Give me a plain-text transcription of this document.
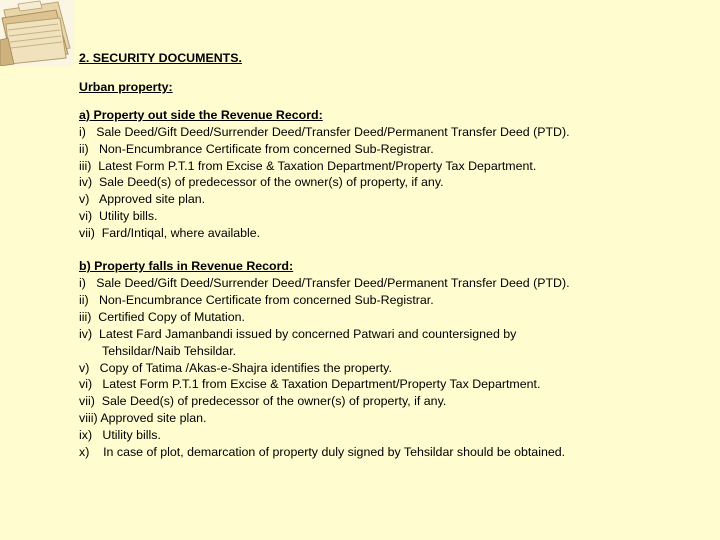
2. SECURITY DOCUMENTS.

Urban property:

a) Property out side the Revenue Record:

i) Sale Deed/Gift Deed/Surrender Deed/Transfer Deed/Permanent Transfer Deed (PTD).

ii) Non-Encumbrance Certificate from concerned Sub-Registrar.

iii) Latest Form P.T.1 from Excise & Taxation Department/Property Tax Department.

iv) Sale Deed(s) of predecessor of the owner(s) of property, if any.

v) Approved site plan.

vi) Utility bills.

vii) Fard/Intiqal, where available.

b) Property falls in Revenue Record:

i) Sale Deed/Gift Deed/Surrender Deed/Transfer Deed/Permanent Transfer Deed (PTD).

ii) Non-Encumbrance Certificate from concerned Sub-Registrar.

iii) Certified Copy of Mutation.

iv) Latest Fard Jamanbandi issued by concerned Patwari and countersigned by

Tehsildar/Naib Tehsildar.

v) Copy of Tatima /Akas-e-Shajra identifies the property.

vi) Latest Form P.T.1 from Excise & Taxation Department/Property Tax Department.

vii) Sale Deed(s) of predecessor of the owner(s) of property, if any.

viii) Approved site plan.

ix) Utility bills.

x) In case of plot, demarcation of property duly signed by Tehsildar should be obtained.
